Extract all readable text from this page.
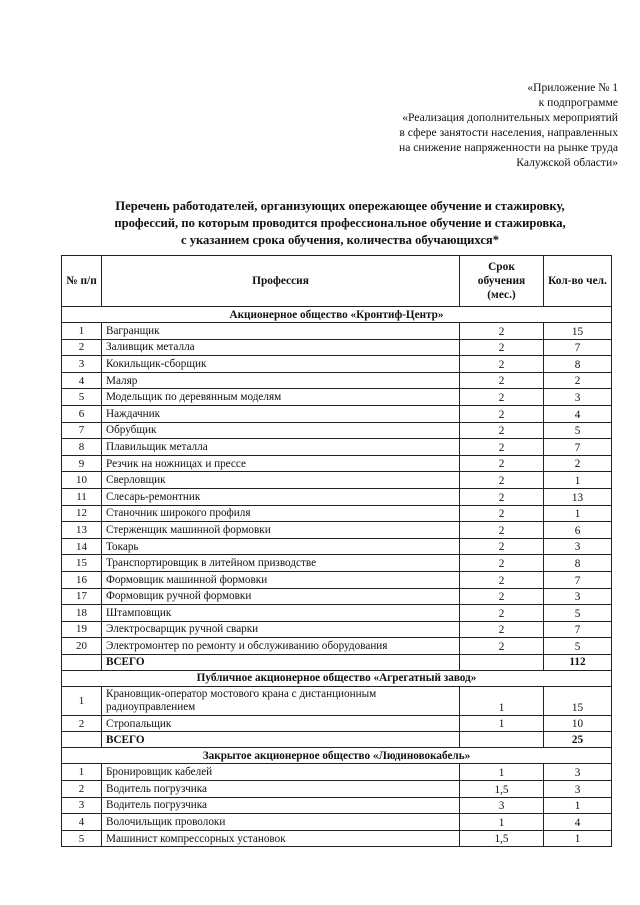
«Приложение № 1
к подпрограмме
«Реализация дополнительных мероприятий
в сфере занятости населения, направленных
на снижение напряженности на рынке труда
Калужской области»
Перечень работодателей, организующих опережающее обучение и стажировку,
профессий, по которым проводится профессиональное обучение и стажировка,
с указанием срока обучения, количества обучающихся*
№ п/п	Профессия	Срок обучения (мес.)	Кол-во чел.
Акционерное общество «Кронтиф-Центр»			
1	Вагранщик	2	15
2	Заливщик металла	2	7
3	Кокильщик-сборщик	2	8
4	Маляр	2	2
5	Модельщик по деревянным моделям	2	3
6	Наждачник	2	4
7	Обрубщик	2	5
8	Плавильщик металла	2	7
9	Резчик на ножницах и прессе	2	2
10	Сверловщик	2	1
11	Слесарь-ремонтник	2	13
12	Станочник широкого профиля	2	1
13	Стерженщик машинной формовки	2	6
14	Токарь	2	3
15	Транспортировщик в литейном призводстве	2	8
16	Формовщик машинной формовки	2	7
17	Формовщик ручной формовки	2	3
18	Штамповщик	2	5
19	Электросварщик ручной сварки	2	7
20	Электромонтер по ремонту и обслуживанию оборудования	2	5
	ВСЕГО		112
Публичное акционерное общество «Агрегатный завод»			
1	Крановщик-оператор мостового крана с дистанционным радиоуправлением	1	15
2	Стропальщик	1	10
	ВСЕГО		25
Закрытое акционерное общество «Людиновокабель»			
1	Бронировщик кабелей	1	3
2	Водитель погрузчика	1,5	3
3	Водитель погрузчика	3	1
4	Волочильщик проволоки	1	4
5	Машинист компрессорных установок	1,5	1
